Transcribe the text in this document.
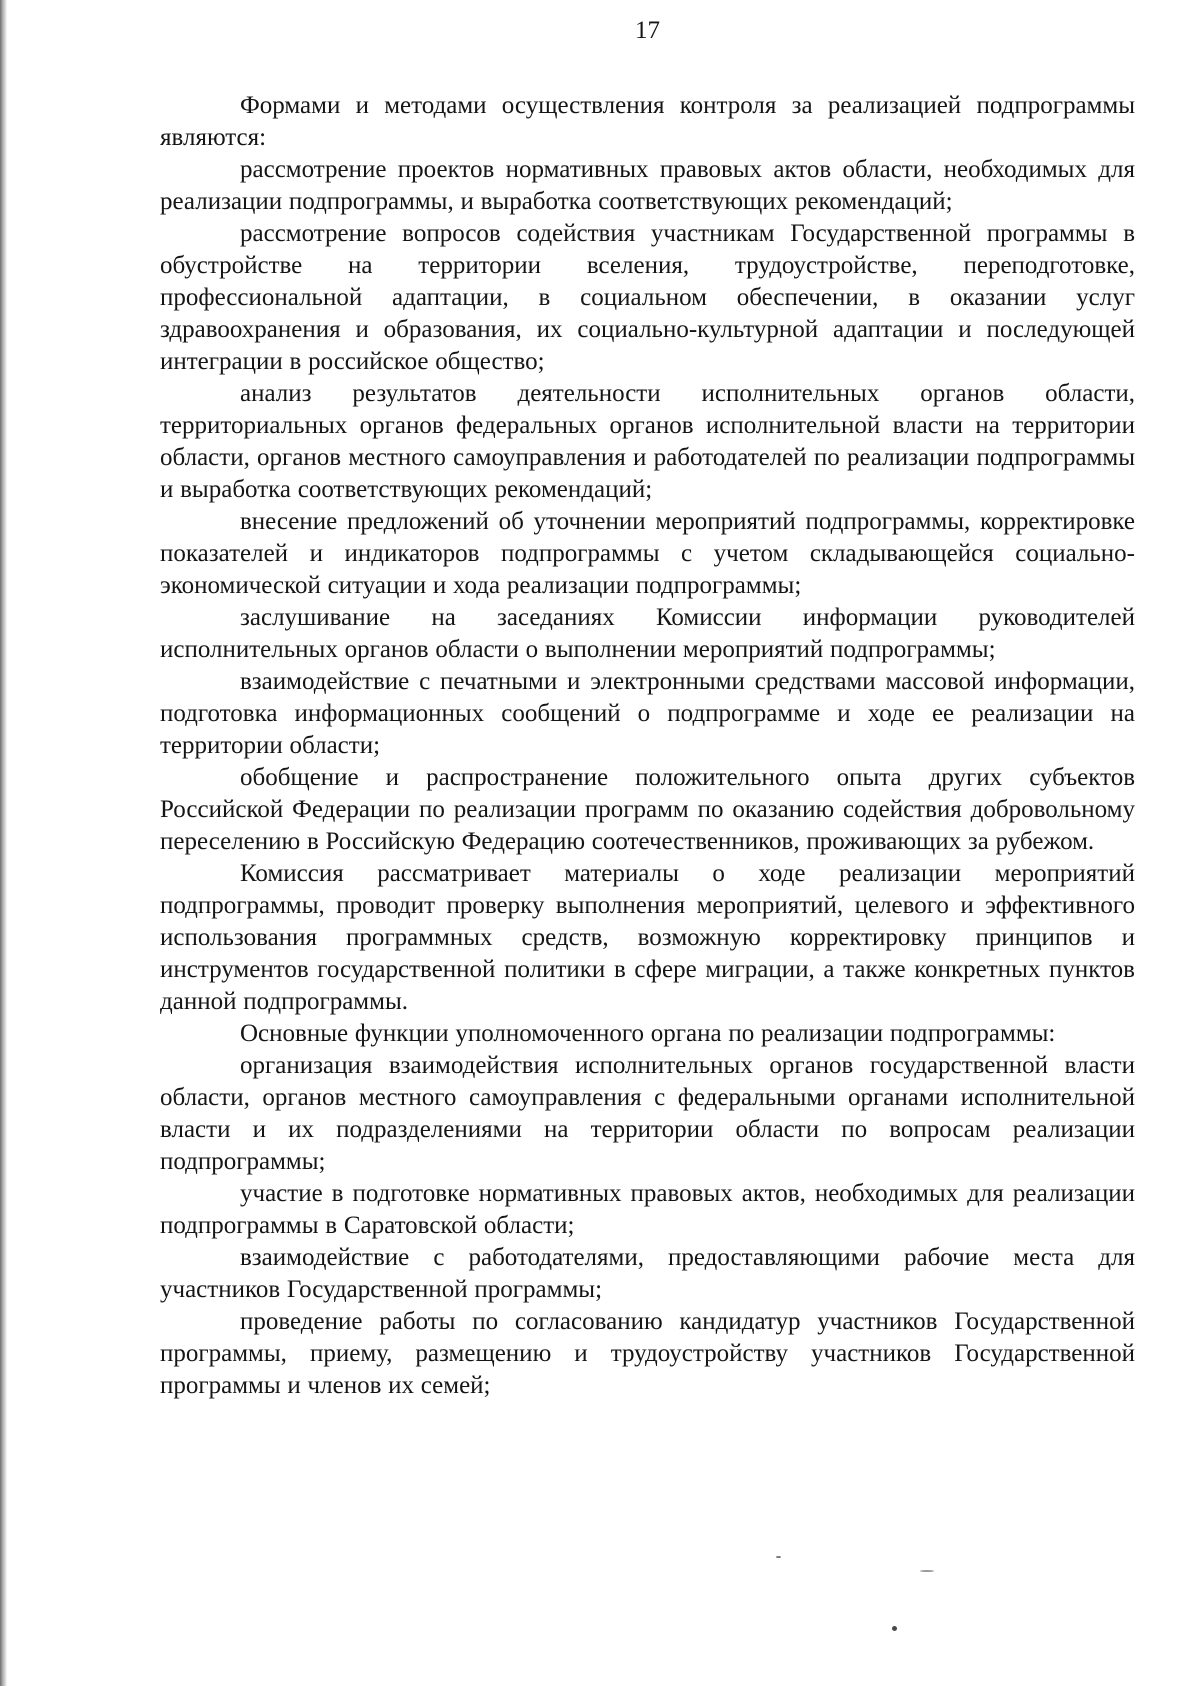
17

Формами и методами осуществления контроля за реализацией подпрограммы являются:

рассмотрение проектов нормативных правовых актов области, необходимых для реализации подпрограммы, и выработка соответствующих рекомендаций;

рассмотрение вопросов содействия участникам Государственной программы в обустройстве на территории вселения, трудоустройстве, переподготовке, профессиональной адаптации, в социальном обеспечении, в оказании услуг здравоохранения и образования, их социально-культурной адаптации и последующей интеграции в российское общество;

анализ результатов деятельности исполнительных органов области, территориальных органов федеральных органов исполнительной власти на территории области, органов местного самоуправления и работодателей по реализации подпрограммы и выработка соответствующих рекомендаций;

внесение предложений об уточнении мероприятий подпрограммы, корректировке показателей и индикаторов подпрограммы с учетом складывающейся социально-экономической ситуации и хода реализации подпрограммы;

заслушивание на заседаниях Комиссии информации руководителей исполнительных органов области о выполнении мероприятий подпрограммы;

взаимодействие с печатными и электронными средствами массовой информации, подготовка информационных сообщений о подпрограмме и ходе ее реализации на территории области;

обобщение и распространение положительного опыта других субъектов Российской Федерации по реализации программ по оказанию содействия добровольному переселению в Российскую Федерацию соотечественников, проживающих за рубежом.

Комиссия рассматривает материалы о ходе реализации мероприятий подпрограммы, проводит проверку выполнения мероприятий, целевого и эффективного использования программных средств, возможную корректировку принципов и инструментов государственной политики в сфере миграции, а также конкретных пунктов данной подпрограммы.

Основные функции уполномоченного органа по реализации подпрограммы:

организация взаимодействия исполнительных органов государственной власти области, органов местного самоуправления с федеральными органами исполнительной власти и их подразделениями на территории области по вопросам реализации подпрограммы;

участие в подготовке нормативных правовых актов, необходимых для реализации подпрограммы в Саратовской области;

взаимодействие с работодателями, предоставляющими рабочие места для участников Государственной программы;

проведение работы по согласованию кандидатур участников Государственной программы, приему, размещению и трудоустройству участников Государственной программы и членов их семей;
